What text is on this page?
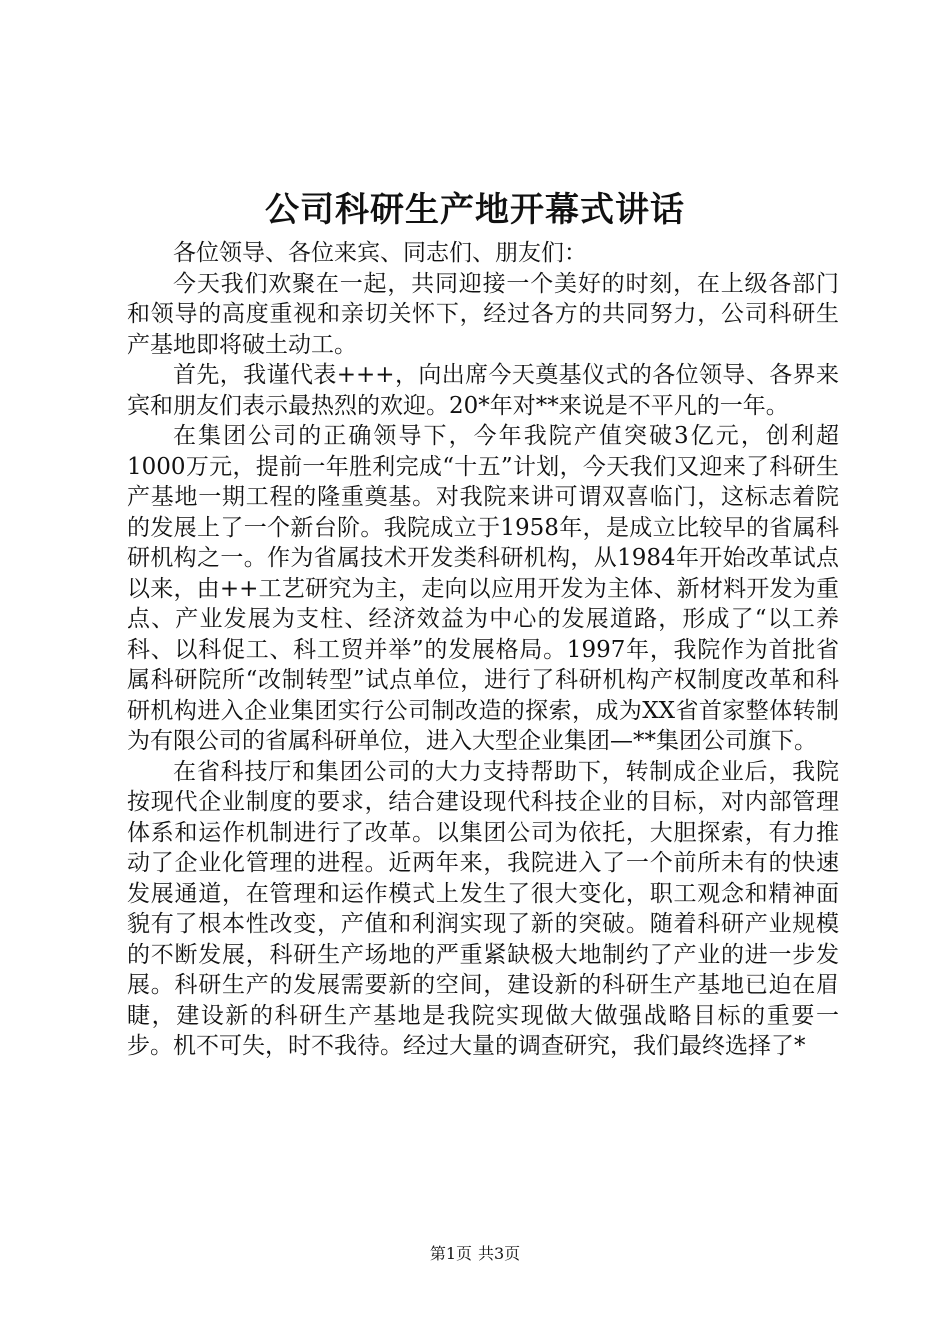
公司科研生产地开幕式讲话

各位领导、各位来宾、同志们、朋友们：

今天我们欢聚在一起，共同迎接一个美好的时刻，在上级各部门和领导的高度重视和亲切关怀下，经过各方的共同努力，公司科研生产基地即将破土动工。

首先，我谨代表+++，向出席今天奠基仪式的各位领导、各界来宾和朋友们表示最热烈的欢迎。20*年对**来说是不平凡的一年。

在集团公司的正确领导下，今年我院产值突破3亿元，创利超1000万元，提前一年胜利完成“十五”计划，今天我们又迎来了科研生产基地一期工程的隆重奠基。对我院来讲可谓双喜临门，这标志着院的发展上了一个新台阶。我院成立于1958年，是成立比较早的省属科研机构之一。作为省属技术开发类科研机构，从1984年开始改革试点以来，由++工艺研究为主，走向以应用开发为主体、新材料开发为重点、产业发展为支柱、经济效益为中心的发展道路，形成了“以工养科、以科促工、科工贸并举”的发展格局。1997年，我院作为首批省属科研院所“改制转型”试点单位，进行了科研机构产权制度改革和科研机构进入企业集团实行公司制改造的探索，成为XX省首家整体转制为有限公司的省属科研单位，进入大型企业集团—**集团公司旗下。

在省科技厅和集团公司的大力支持帮助下，转制成企业后，我院按现代企业制度的要求，结合建设现代科技企业的目标，对内部管理体系和运作机制进行了改革。以集团公司为依托，大胆探索，有力推动了企业化管理的进程。近两年来，我院进入了一个前所未有的快速发展通道，在管理和运作模式上发生了很大变化，职工观念和精神面貌有了根本性改变，产值和利润实现了新的突破。随着科研产业规模的不断发展，科研生产场地的严重紧缺极大地制约了产业的进一步发展。科研生产的发展需要新的空间，建设新的科研生产基地已迫在眉睫，建设新的科研生产基地是我院实现做大做强战略目标的重要一步。机不可失，时不我待。经过大量的调查研究，我们最终选择了*

第1页 共3页
